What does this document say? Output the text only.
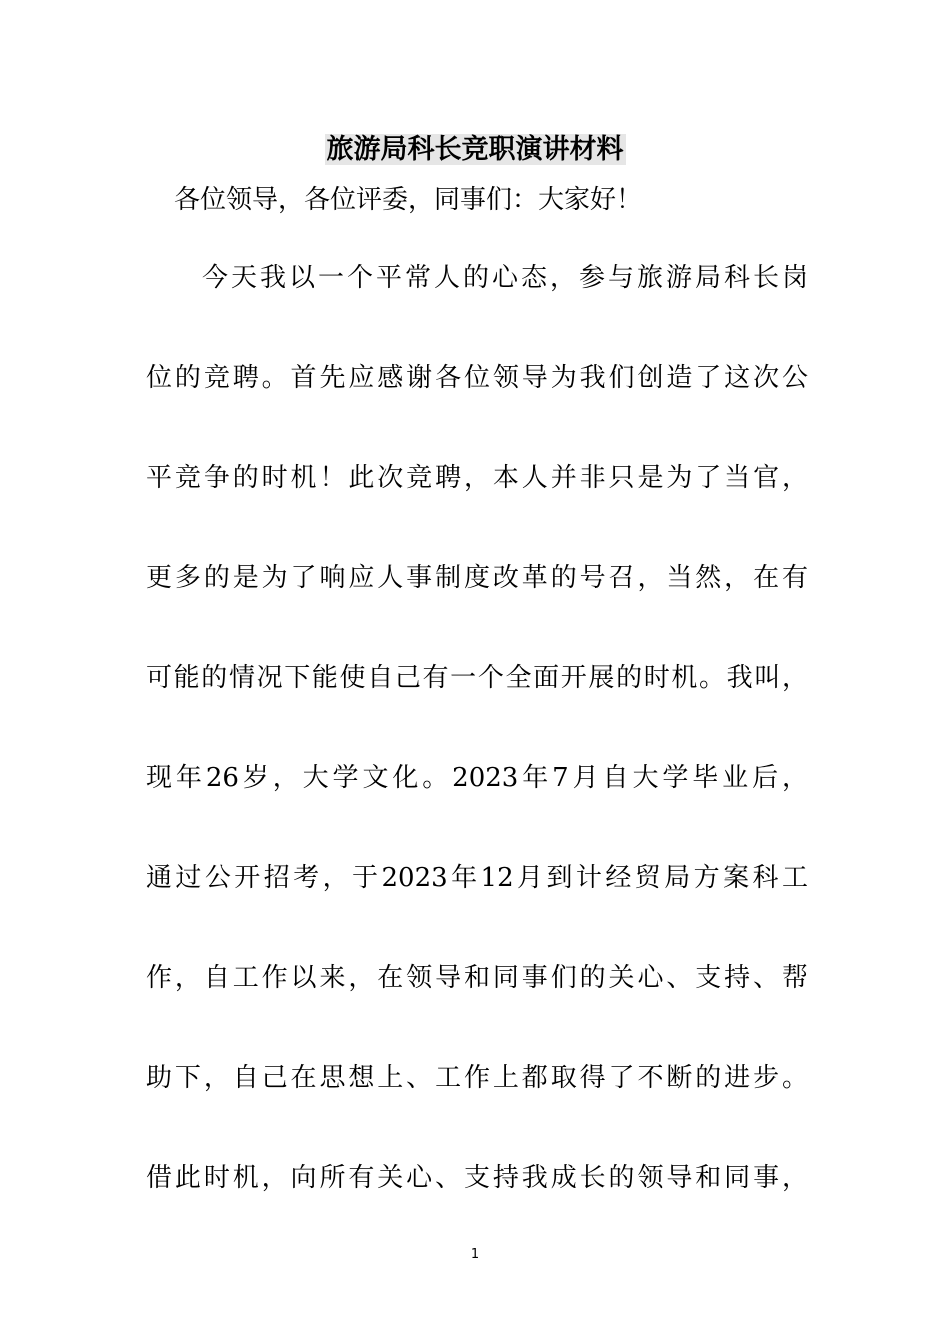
旅游局科长竞职演讲材料
各位领导，各位评委，同事们：大家好！
今天我以一个平常人的心态，参与旅游局科长岗
位的竞聘。首先应感谢各位领导为我们创造了这次公
平竞争的时机！此次竞聘，本人并非只是为了当官，
更多的是为了响应人事制度改革的号召，当然，在有
可能的情况下能使自己有一个全面开展的时机。我叫，
现年26岁，大学文化。2023年7月自大学毕业后，
通过公开招考，于2023年12月到计经贸局方案科工
作，自工作以来，在领导和同事们的关心、支持、帮
助下，自己在思想上、工作上都取得了不断的进步。
借此时机，向所有关心、支持我成长的领导和同事，
1
